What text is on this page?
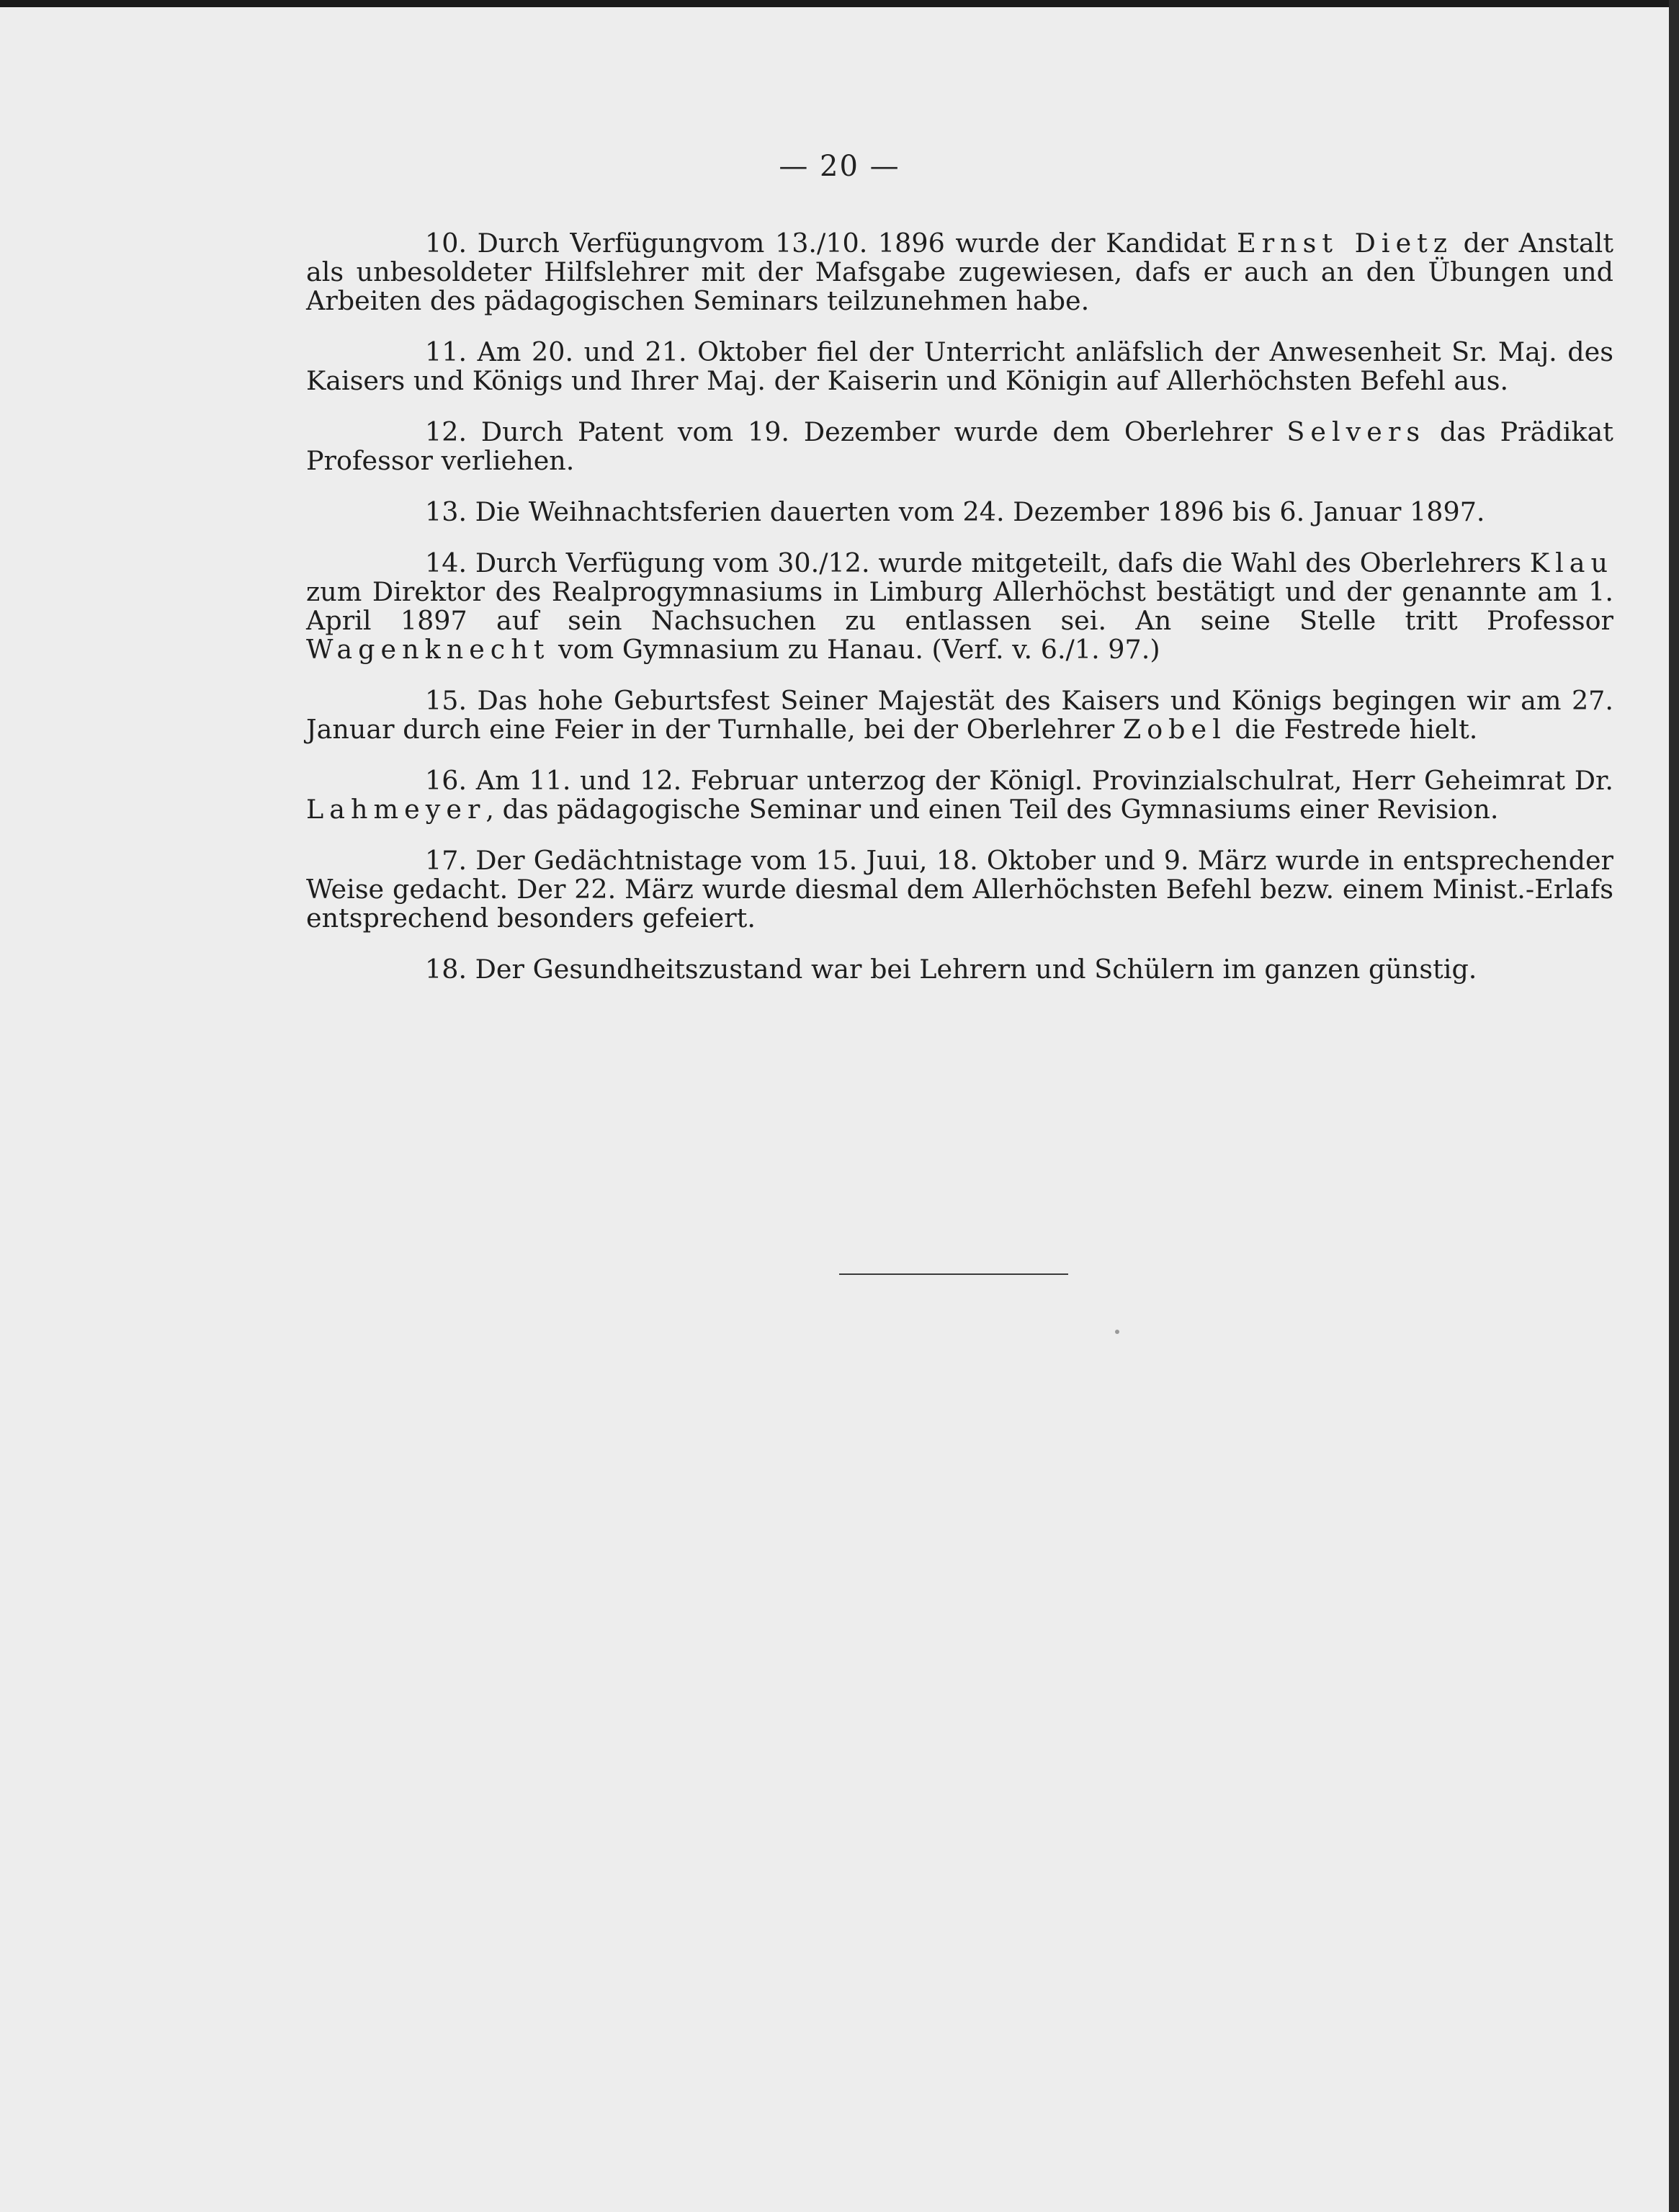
— 20 —

10. Durch Verfügungvom 13./10. 1896 wurde der Kandidat Ernst Dietz der Anstalt als unbesoldeter Hilfslehrer mit der Mafsgabe zugewiesen, dafs er auch an den Übungen und Arbeiten des pädagogischen Seminars teilzunehmen habe.

11. Am 20. und 21. Oktober fiel der Unterricht anläfslich der Anwesenheit Sr. Maj. des Kaisers und Königs und Ihrer Maj. der Kaiserin und Königin auf Allerhöchsten Befehl aus.

12. Durch Patent vom 19. Dezember wurde dem Oberlehrer Selvers das Prädikat Professor verliehen.

13. Die Weihnachtsferien dauerten vom 24. Dezember 1896 bis 6. Januar 1897.

14. Durch Verfügung vom 30./12. wurde mitgeteilt, dafs die Wahl des Oberlehrers Klau zum Direktor des Realprogymnasiums in Limburg Allerhöchst bestätigt und der genannte am 1. April 1897 auf sein Nachsuchen zu entlassen sei. An seine Stelle tritt Professor Wagenknecht vom Gymnasium zu Hanau. (Verf. v. 6./1. 97.)

15. Das hohe Geburtsfest Seiner Majestät des Kaisers und Königs begingen wir am 27. Januar durch eine Feier in der Turnhalle, bei der Oberlehrer Zobel die Festrede hielt.

16. Am 11. und 12. Februar unterzog der Königl. Provinzialschulrat, Herr Geheimrat Dr. Lahmeyer, das pädagogische Seminar und einen Teil des Gymnasiums einer Revision.

17. Der Gedächtnistage vom 15. Juui, 18. Oktober und 9. März wurde in entsprechender Weise gedacht. Der 22. März wurde diesmal dem Allerhöchsten Befehl bezw. einem Minist.-Erlafs entsprechend besonders gefeiert.

18. Der Gesundheitszustand war bei Lehrern und Schülern im ganzen günstig.
